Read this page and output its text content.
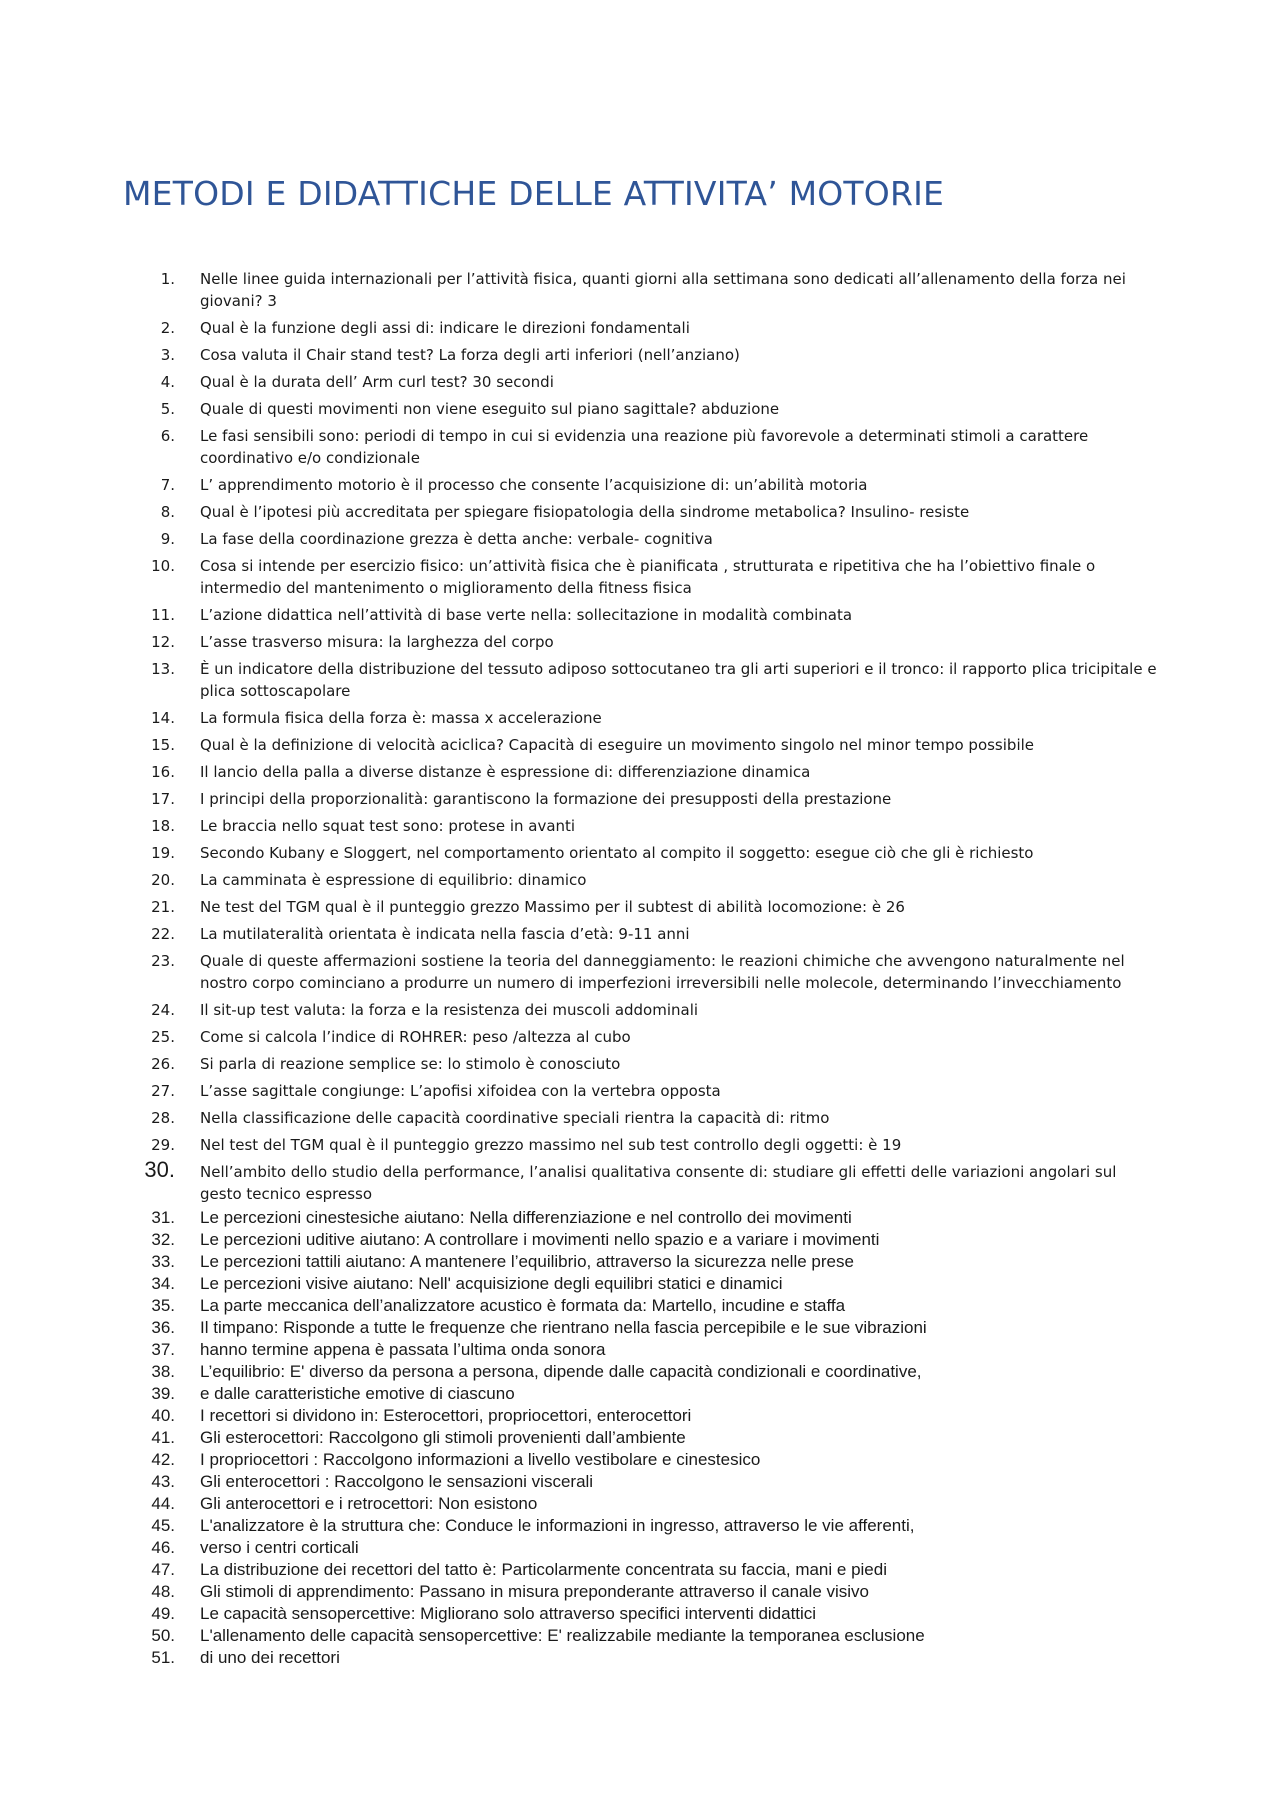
METODI E DIDATTICHE DELLE ATTIVITA’ MOTORIE
1. Nelle linee guida internazionali per l’attività fisica, quanti giorni alla settimana sono dedicati all’allenamento della forza nei giovani? 3
2. Qual è la funzione degli assi di: indicare le direzioni fondamentali
3. Cosa valuta il Chair stand test? La forza degli arti inferiori (nell’anziano)
4. Qual è la durata dell’ Arm curl test? 30 secondi
5. Quale di questi movimenti non viene eseguito sul piano sagittale? abduzione
6. Le fasi sensibili sono: periodi di tempo in cui si evidenzia una reazione più favorevole a determinati stimoli a carattere coordinativo e/o condizionale
7. L’ apprendimento motorio è il processo che consente l’acquisizione di: un’abilità motoria
8. Qual è l’ipotesi più accreditata per spiegare fisiopatologia della sindrome metabolica? Insulino- resiste
9. La fase della coordinazione grezza è detta anche: verbale- cognitiva
10. Cosa si intende per esercizio fisico: un’attività fisica che è pianificata , strutturata e ripetitiva che ha l’obiettivo finale o intermedio del mantenimento o miglioramento della fitness fisica
11. L’azione didattica nell’attività di base verte nella: sollecitazione in modalità combinata
12. L’asse trasverso misura: la larghezza del corpo
13. È un indicatore della distribuzione del tessuto adiposo sottocutaneo tra gli arti superiori e il tronco: il rapporto plica tricipitale e plica sottoscapolare
14. La formula fisica della forza è: massa x accelerazione
15. Qual è la definizione di velocità aciclica? Capacità di eseguire un movimento singolo nel minor tempo possibile
16. Il lancio della palla a diverse distanze è espressione di: differenziazione dinamica
17. I principi della proporzionalità: garantiscono la formazione dei presupposti della prestazione
18. Le braccia nello squat test sono: protese in avanti
19. Secondo Kubany e Sloggert, nel comportamento orientato al compito il soggetto: esegue ciò che gli è richiesto
20. La camminata è espressione di equilibrio: dinamico
21. Ne test del TGM qual è il punteggio grezzo Massimo per il subtest di abilità locomozione: è 26
22. La mutilateralità orientata è indicata nella fascia d’età: 9-11 anni
23. Quale di queste affermazioni sostiene la teoria del danneggiamento: le reazioni chimiche che avvengono naturalmente nel nostro corpo cominciano a produrre un numero di imperfezioni irreversibili nelle molecole, determinando l’invecchiamento
24. Il sit-up test valuta: la forza e la resistenza dei muscoli addominali
25. Come si calcola l’indice di ROHRER: peso /altezza al cubo
26. Si parla di reazione semplice se: lo stimolo è conosciuto
27. L’asse sagittale congiunge: L’apofisi xifoidea con la vertebra opposta
28. Nella classificazione delle capacità coordinative speciali rientra la capacità di: ritmo
29. Nel test del TGM qual è il punteggio grezzo massimo nel sub test controllo degli oggetti: è 19
30. Nell’ambito dello studio della performance, l’analisi qualitativa consente di: studiare gli effetti delle variazioni angolari sul gesto tecnico espresso
31. Le percezioni cinestesiche aiutano: Nella differenziazione e nel controllo dei movimenti
32. Le percezioni uditive aiutano: A controllare i movimenti nello spazio e a variare i movimenti
33. Le percezioni tattili aiutano: A mantenere l’equilibrio, attraverso la sicurezza nelle prese
34. Le percezioni visive aiutano: Nell' acquisizione degli equilibri statici e dinamici
35. La parte meccanica dell’analizzatore acustico è formata da: Martello, incudine e staffa
36. Il timpano: Risponde a tutte le frequenze che rientrano nella fascia percepibile e le sue vibrazioni
37. hanno termine appena è passata l’ultima onda sonora
38. L’equilibrio: E' diverso da persona a persona, dipende dalle capacità condizionali e coordinative,
39. e dalle caratteristiche emotive di ciascuno
40. I recettori si dividono in: Esterocettori, propriocettori, enterocettori
41. Gli esterocettori: Raccolgono gli stimoli provenienti dall’ambiente
42. I propriocettori : Raccolgono informazioni a livello vestibolare e cinestesico
43. Gli enterocettori : Raccolgono le sensazioni viscerali
44. Gli anterocettori e i retrocettori: Non esistono
45. L'analizzatore è la struttura che: Conduce le informazioni in ingresso, attraverso le vie afferenti,
46. verso i centri corticali
47. La distribuzione dei recettori del tatto è: Particolarmente concentrata su faccia, mani e piedi
48. Gli stimoli di apprendimento: Passano in misura preponderante attraverso il canale visivo
49. Le capacità sensopercettive: Migliorano solo attraverso specifici interventi didattici
50. L'allenamento delle capacità sensopercettive: E' realizzabile mediante la temporanea esclusione
51. di uno dei recettori
